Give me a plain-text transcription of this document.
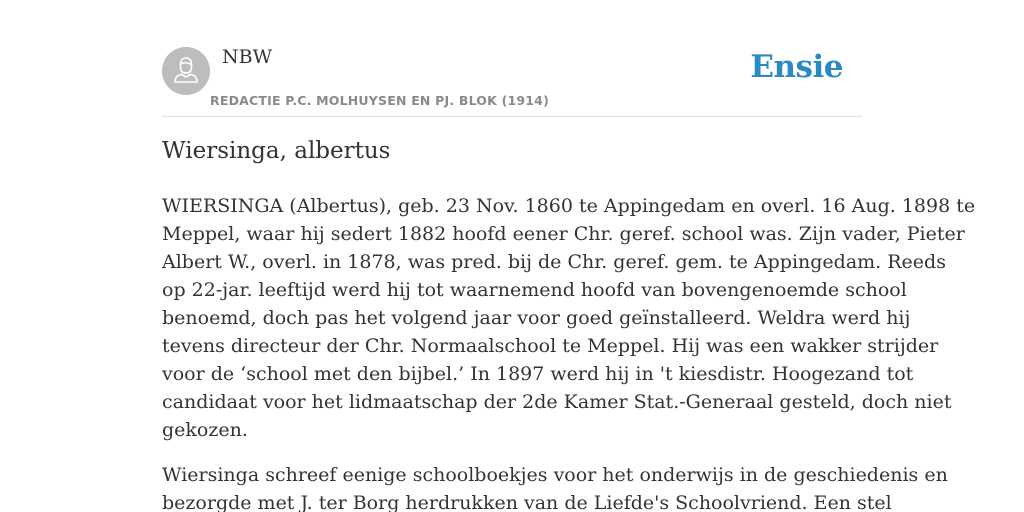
NBW
REDACTIE P.C. MOLHUYSEN EN PJ. BLOK (1914)
Ensie
Wiersinga, albertus

WIERSINGA (Albertus), geb. 23 Nov. 1860 te Appingedam en overl. 16 Aug. 1898 te
Meppel, waar hij sedert 1882 hoofd eener Chr. geref. school was. Zijn vader, Pieter
Albert W., overl. in 1878, was pred. bij de Chr. geref. gem. te Appingedam. Reeds
op 22-jar. leeftijd werd hij tot waarnemend hoofd van bovengenoemde school
benoemd, doch pas het volgend jaar voor goed geïnstalleerd. Weldra werd hij
tevens directeur der Chr. Normaalschool te Meppel. Hij was een wakker strijder
voor de ‘school met den bijbel.’ In 1897 werd hij in 't kiesdistr. Hoogezand tot
candidaat voor het lidmaatschap der 2de Kamer Stat.-Generaal gesteld, doch niet
gekozen.

Wiersinga schreef eenige schoolboekjes voor het onderwijs in de geschiedenis en
bezorgde met J. ter Borg herdrukken van de Liefde's Schoolvriend. Een stel
